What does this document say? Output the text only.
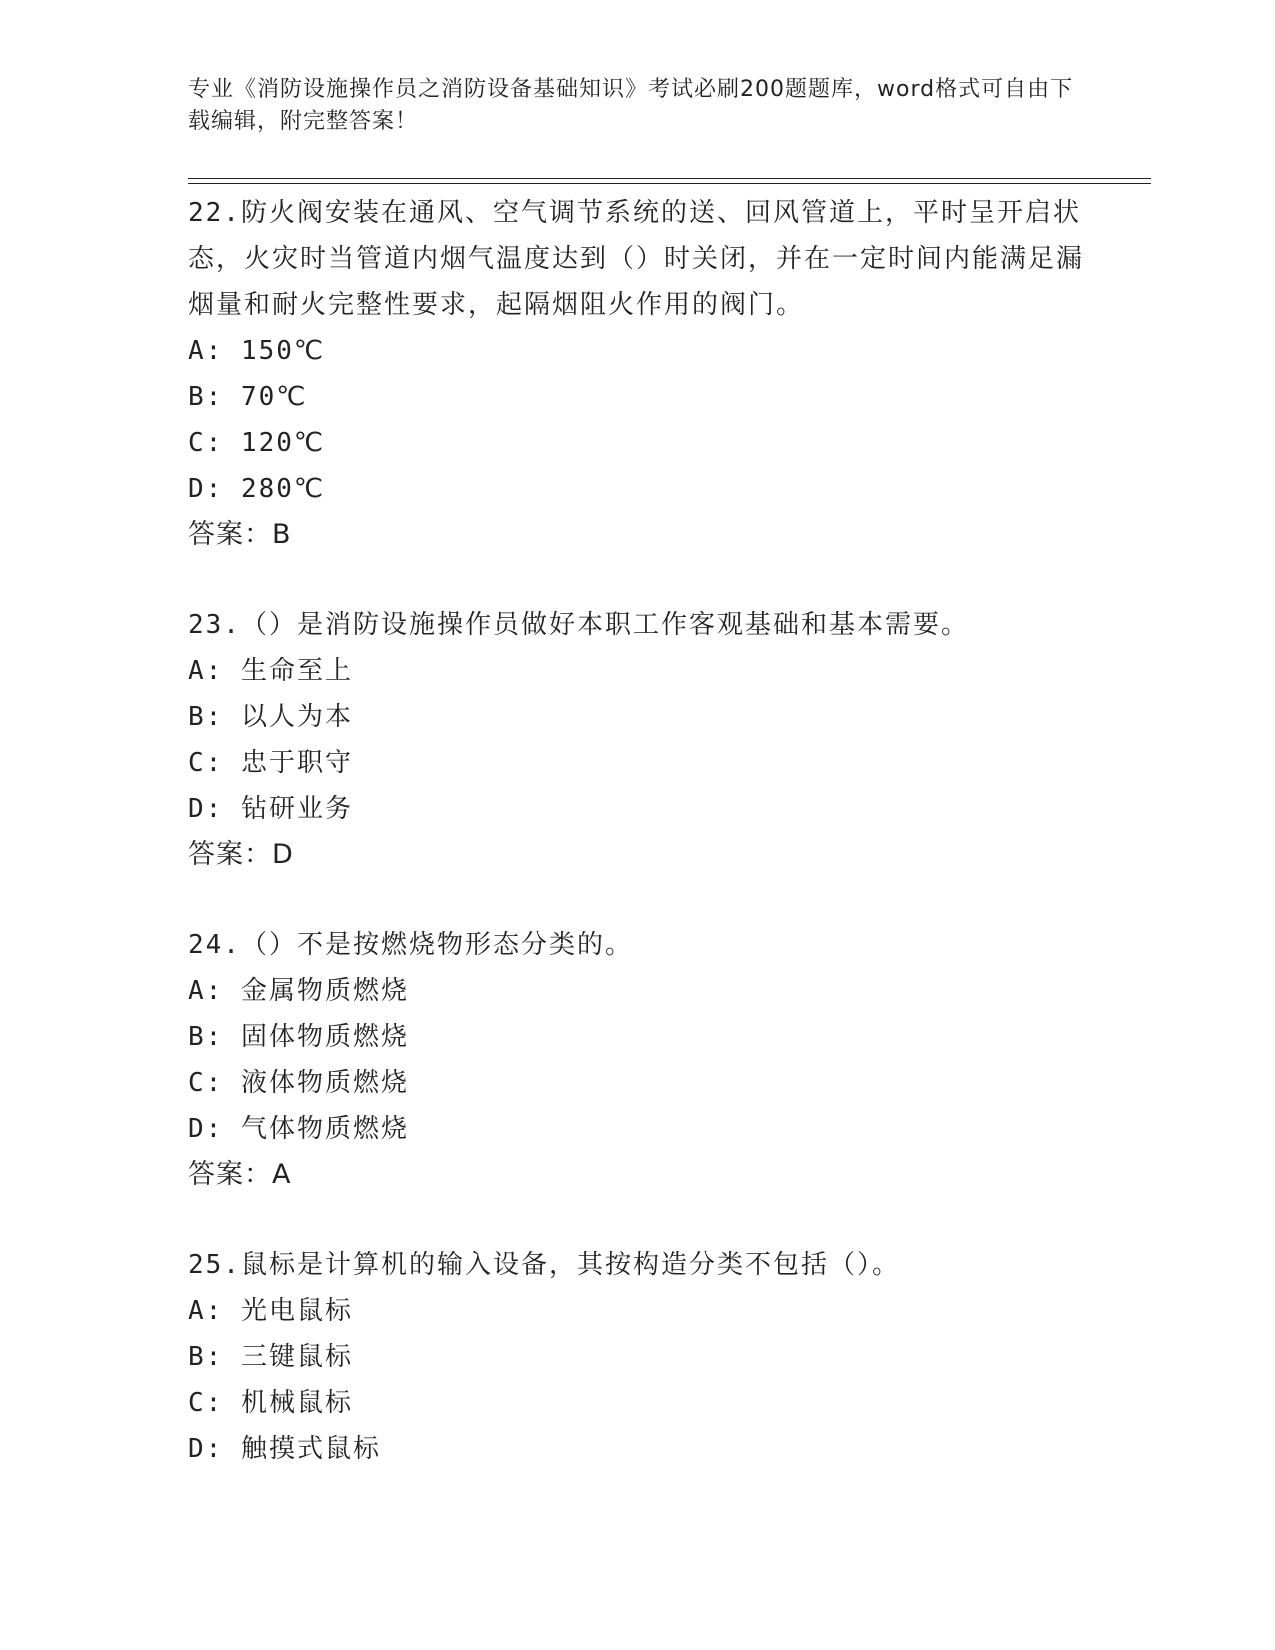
专业《消防设施操作员之消防设备基础知识》考试必刷200题题库，word格式可自由下载编辑，附完整答案！
22.防火阀安装在通风、空气调节系统的送、回风管道上，平时呈开启状态，火灾时当管道内烟气温度达到（）时关闭，并在一定时间内能满足漏烟量和耐火完整性要求，起隔烟阻火作用的阀门。
A: 150℃
B: 70℃
C: 120℃
D: 280℃
答案：B
23.（）是消防设施操作员做好本职工作客观基础和基本需要。
A: 生命至上
B: 以人为本
C: 忠于职守
D: 钻研业务
答案：D
24.（）不是按燃烧物形态分类的。
A: 金属物质燃烧
B: 固体物质燃烧
C: 液体物质燃烧
D: 气体物质燃烧
答案：A
25.鼠标是计算机的输入设备，其按构造分类不包括（）。
A: 光电鼠标
B: 三键鼠标
C: 机械鼠标
D: 触摸式鼠标
